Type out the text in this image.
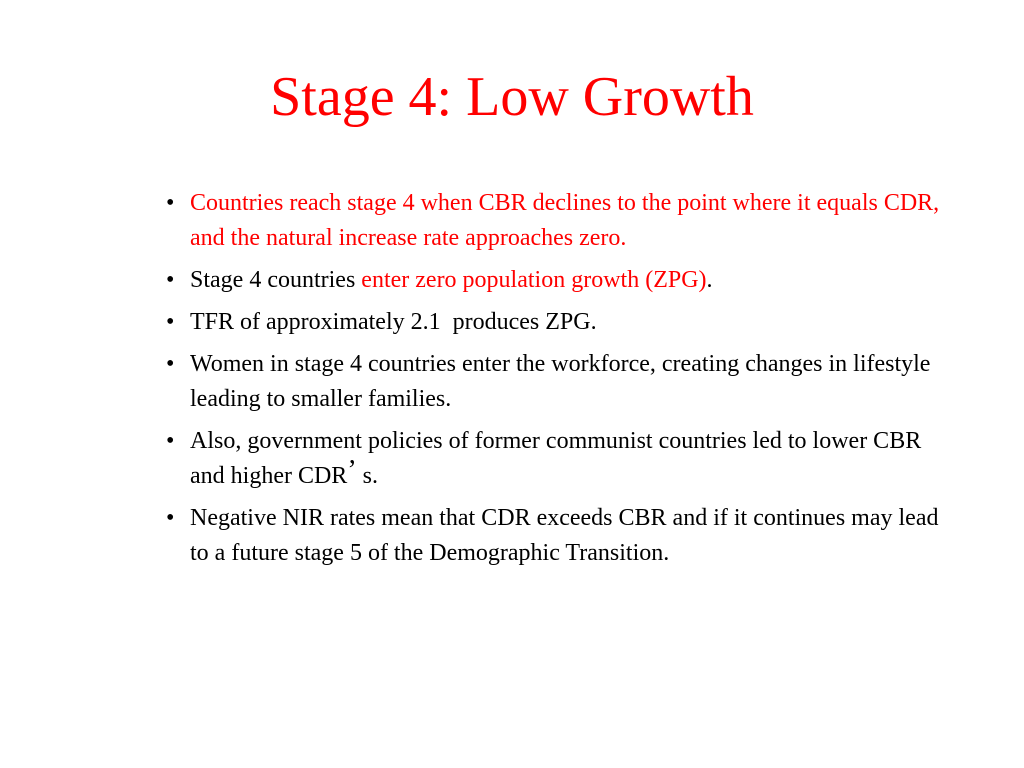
Stage 4: Low Growth
• Countries reach stage 4 when CBR declines to the point where it equals CDR, and the natural increase rate approaches zero.
• Stage 4 countries enter zero population growth (ZPG).
• TFR of approximately 2.1  produces ZPG.
• Women in stage 4 countries enter the workforce, creating changes in lifestyle leading to smaller families.
• Also, government policies of former communist countries led to lower CBR and higher CDR’ s.
• Negative NIR rates mean that CDR exceeds CBR and if it continues may lead to a future stage 5 of the Demographic Transition.
